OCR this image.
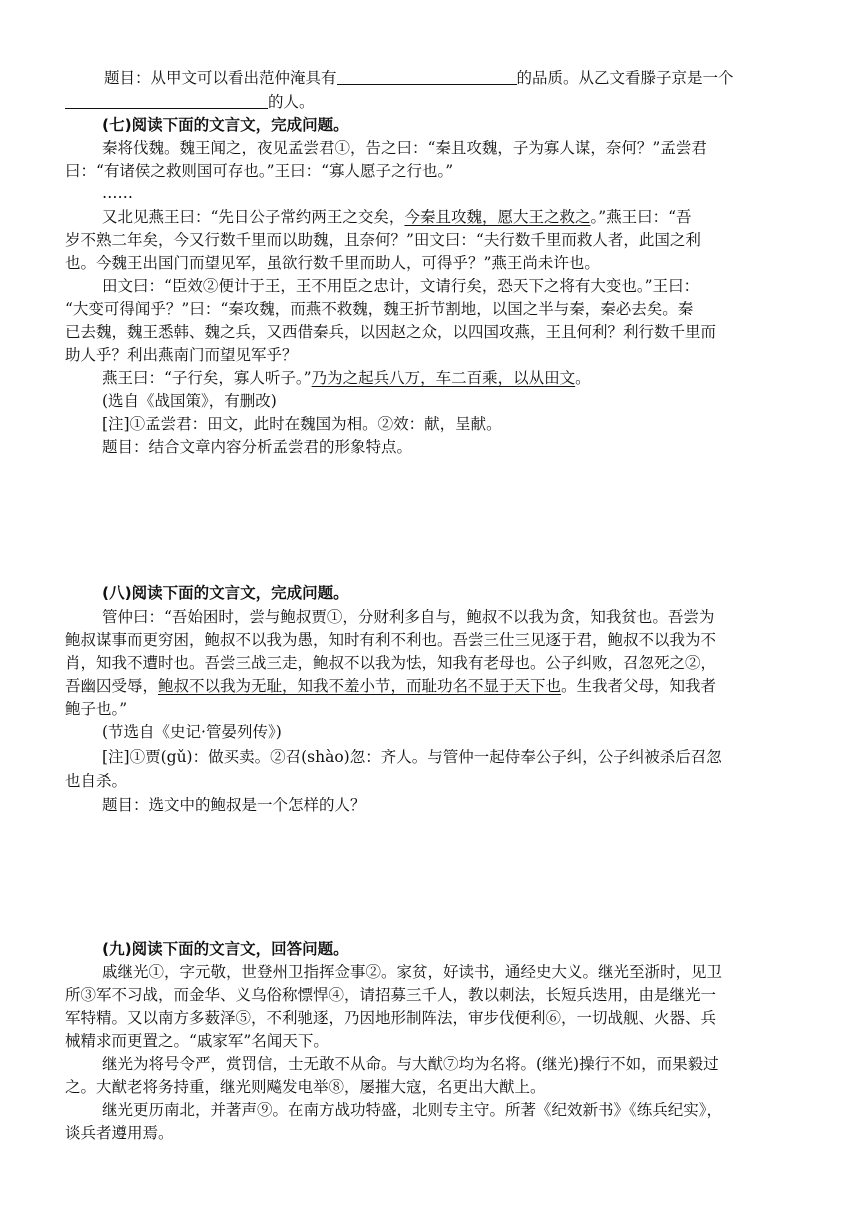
题目：从甲文可以看出范仲淹具有	的品质。从乙文看滕子京是一个
的人。
(七)阅读下面的文言文，完成问题。
秦将伐魏。魏王闻之，夜见孟尝君①，告之曰：“秦且攻魏，子为寡人谋，奈何？”孟尝君
曰：“有诸侯之救则国可存也。”王曰：“寡人愿子之行也。”
……
又北见燕王曰：“先日公子常约两王之交矣，今秦且攻魏，愿大王之救之。”燕王曰：“吾
岁不熟二年矣，今又行数千里而以助魏，且奈何？”田文曰：“夫行数千里而救人者，此国之利
也。今魏王出国门而望见军，虽欲行数千里而助人，可得乎？”燕王尚未许也。
田文曰：“臣效②便计于王，王不用臣之忠计，文请行矣，恐天下之将有大变也。”王曰：
“大变可得闻乎？”曰：“秦攻魏，而燕不救魏，魏王折节割地，以国之半与秦，秦必去矣。秦
已去魏，魏王悉韩、魏之兵，又西借秦兵，以因赵之众，以四国攻燕，王且何利？利行数千里而
助人乎？利出燕南门而望见军乎？
燕王曰：“子行矣，寡人听子。”乃为之起兵八万，车二百乘，以从田文。
(选自《战国策》，有删改)
[注]①孟尝君：田文，此时在魏国为相。②效：献，呈献。
题目：结合文章内容分析孟尝君的形象特点。
(八)阅读下面的文言文，完成问题。
管仲曰：“吾始困时，尝与鲍叔贾①，分财利多自与，鲍叔不以我为贪，知我贫也。吾尝为
鲍叔谋事而更穷困，鲍叔不以我为愚，知时有利不利也。吾尝三仕三见逐于君，鲍叔不以我为不
肖，知我不遭时也。吾尝三战三走，鲍叔不以我为怯，知我有老母也。公子纠败，召忽死之②，
吾幽囚受辱，鲍叔不以我为无耻，知我不羞小节，而耻功名不显于天下也。生我者父母，知我者
鲍子也。”
(节选自《史记·管晏列传》)
[注]①贾(gǔ)：做买卖。②召(shào)忽：齐人。与管仲一起侍奉公子纠，公子纠被杀后召忽
也自杀。
题目：选文中的鲍叔是一个怎样的人？
(九)阅读下面的文言文，回答问题。
戚继光①，字元敬，世登州卫指挥佥事②。家贫，好读书，通经史大义。继光至浙时，见卫
所③军不习战，而金华、义乌俗称慓悍④，请招募三千人，教以刺法，长短兵迭用，由是继光一
军特精。又以南方多薮泽⑤，不利驰逐，乃因地形制阵法，审步伐便利⑥，一切战舰、火器、兵
械精求而更置之。“戚家军”名闻天下。
继光为将号令严，赏罚信，士无敢不从命。与大猷⑦均为名将。(继光)操行不如，而果毅过
之。大猷老将务持重，继光则飚发电举⑧，屡摧大寇，名更出大猷上。
继光更历南北，并著声⑨。在南方战功特盛，北则专主守。所著《纪效新书》《练兵纪实》，
谈兵者遵用焉。
